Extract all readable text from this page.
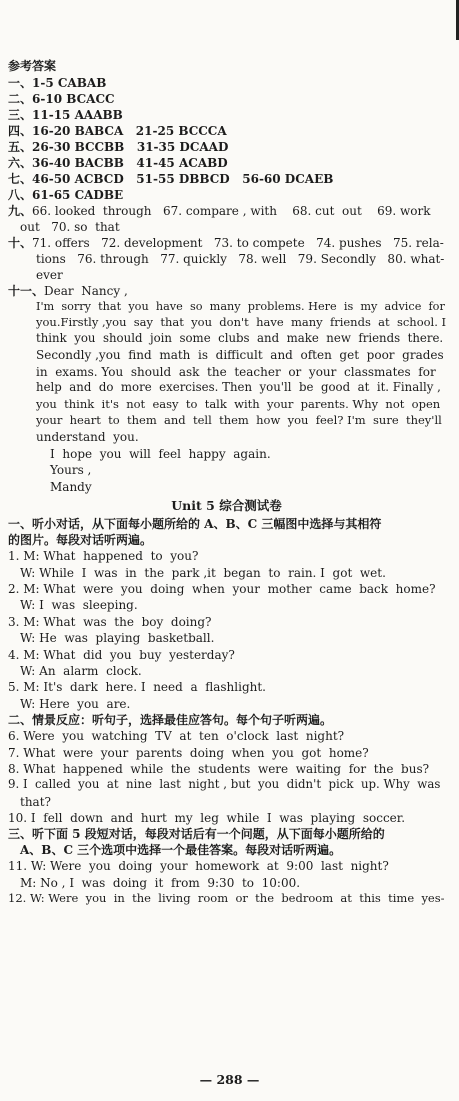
参考答案
一、1-5 CABAB
二、6-10 BCACC
三、11-15 AAABB
四、16-20 BABCA   21-25 BCCCA
五、26-30 BCCBB   31-35 DCAAD
六、36-40 BACBB   41-45 ACABD
七、46-50 ACBCD   51-55 DBBCD   56-60 DCAEB
八、61-65 CADBE
九、66. looked  through   67. compare , with    68. cut  out    69. work
out   70. so  that
十、71. offers   72. development   73. to compete   74. pushes   75. rela-
tions   76. through   77. quickly   78. well   79. Secondly   80. what-
ever
十一、Dear  Nancy ,

I'm  sorry  that  you  have  so  many  problems. Here  is  my  advice  for

you.Firstly ,you  say  that  you  don't  have  many  friends  at  school. I

think  you  should  join  some  clubs  and  make  new  friends  there.

Secondly ,you  find  math  is  difficult  and  often  get  poor  grades

in  exams. You  should  ask  the  teacher  or  your  classmates  for

help  and  do  more  exercises. Then  you'll  be  good  at  it. Finally ,

you  think  it's  not  easy  to  talk  with  your  parents. Why  not  open

your  heart  to  them  and  tell  them  how  you  feel? I'm  sure  they'll

understand  you.

I  hope  you  will  feel  happy  again.

Yours ,

Mandy

Unit 5 综合测试卷
一、听小对话，从下面每小题所给的 A、B、C 三幅图中选择与其相符
的图片。每段对话听两遍。
1. M: What  happened  to  you?
W: While  I  was  in  the  park ,it  began  to  rain. I  got  wet.
2. M: What  were  you  doing  when  your  mother  came  back  home?
W: I  was  sleeping.
3. M: What  was  the  boy  doing?
W: He  was  playing  basketball.
4. M: What  did  you  buy  yesterday?
W: An  alarm  clock.
5. M: It's  dark  here. I  need  a  flashlight.
W: Here  you  are.
二、情景反应：听句子，选择最佳应答句。每个句子听两遍。
6. Were  you  watching  TV  at  ten  o'clock  last  night?
7. What  were  your  parents  doing  when  you  got  home?
8. What  happened  while  the  students  were  waiting  for  the  bus?
9. I  called  you  at  nine  last  night , but  you  didn't  pick  up. Why  was
that?
10. I  fell  down  and  hurt  my  leg  while  I  was  playing  soccer.
三、听下面 5 段短对话，每段对话后有一个问题，从下面每小题所给的
A、B、C 三个选项中选择一个最佳答案。每段对话听两遍。
11. W: Were  you  doing  your  homework  at  9:00  last  night?
M: No , I  was  doing  it  from  9:30  to  10:00.
12. W: Were  you  in  the  living  room  or  the  bedroom  at  this  time  yes-
— 288 —
